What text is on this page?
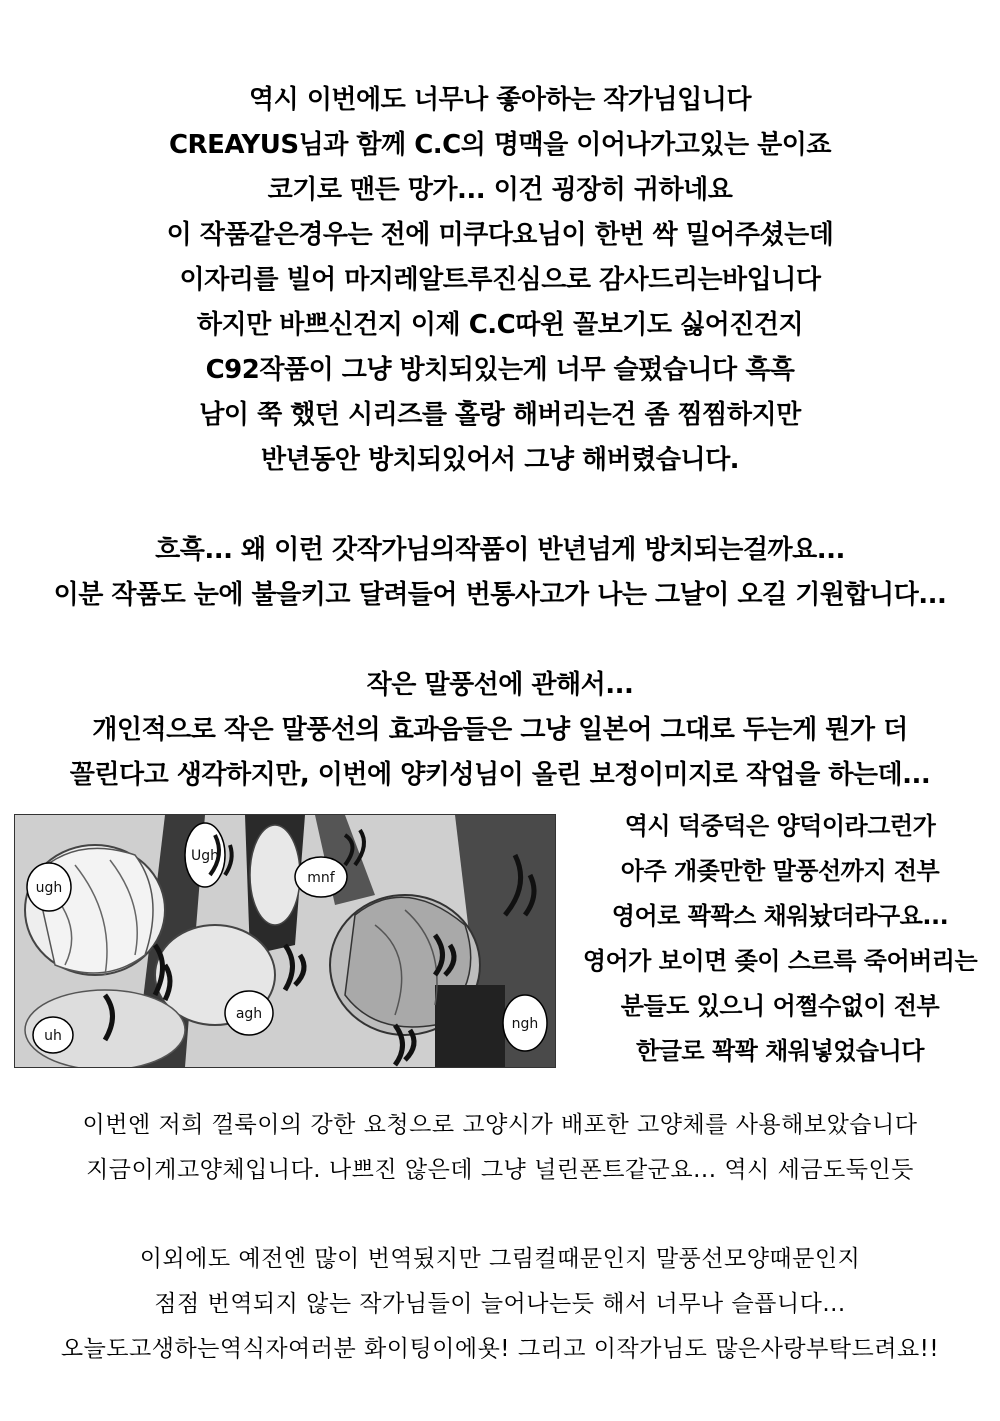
역시 이번에도 너무나 좋아하는 작가님입니다
CREAYUS님과 함께 C.C의 명맥을 이어나가고있는 분이죠
코기로 맨든 망가... 이건 굉장히 귀하네요
이 작품같은경우는 전에 미쿠다요님이 한번 싹 밀어주셨는데
이자리를 빌어 마지레알트루진심으로 감사드리는바입니다
하지만 바쁘신건지 이제 C.C따윈 꼴보기도 싫어진건지
C92작품이 그냥 방치되있는게 너무 슬펐습니다 흑흑
남이 쭉 했던 시리즈를 홀랑 해버리는건 좀 찜찜하지만
반년동안 방치되있어서 그냥 해버렸습니다.
흐흑... 왜 이런 갓작가님의작품이 반년넘게 방치되는걸까요...
이분 작품도 눈에 불을키고 달려들어 번통사고가 나는 그날이 오길 기원합니다...
작은 말풍선에 관해서...
개인적으로 작은 말풍선의 효과음들은 그냥 일본어 그대로 두는게 뭔가 더
꼴린다고 생각하지만, 이번에 양키성님이 올린 보정이미지로 작업을 하는데...
ugh
Ugh
mnf
agh
uh
ngh
역시 덕중덕은 양덕이라그런가
아주 개좆만한 말풍선까지 전부
영어로 꽉꽉스 채워놨더라구요...
영어가 보이면 좆이 스르륵 죽어버리는
분들도 있으니 어쩔수없이 전부
한글로 꽉꽉 채워넣었습니다
이번엔 저희 껄룩이의 강한 요청으로 고양시가 배포한 고양체를 사용해보았습니다
지금이게고양체입니다. 나쁘진 않은데 그냥 널린폰트같군요... 역시 세금도둑인듯
이외에도 예전엔 많이 번역됬지만 그림컬때문인지 말풍선모양때문인지
점점 번역되지 않는 작가님들이 늘어나는듯 해서 너무나 슬픕니다...
오늘도고생하는역식자여러분 화이팅이에욧! 그리고 이작가님도 많은사랑부탁드려요!!
